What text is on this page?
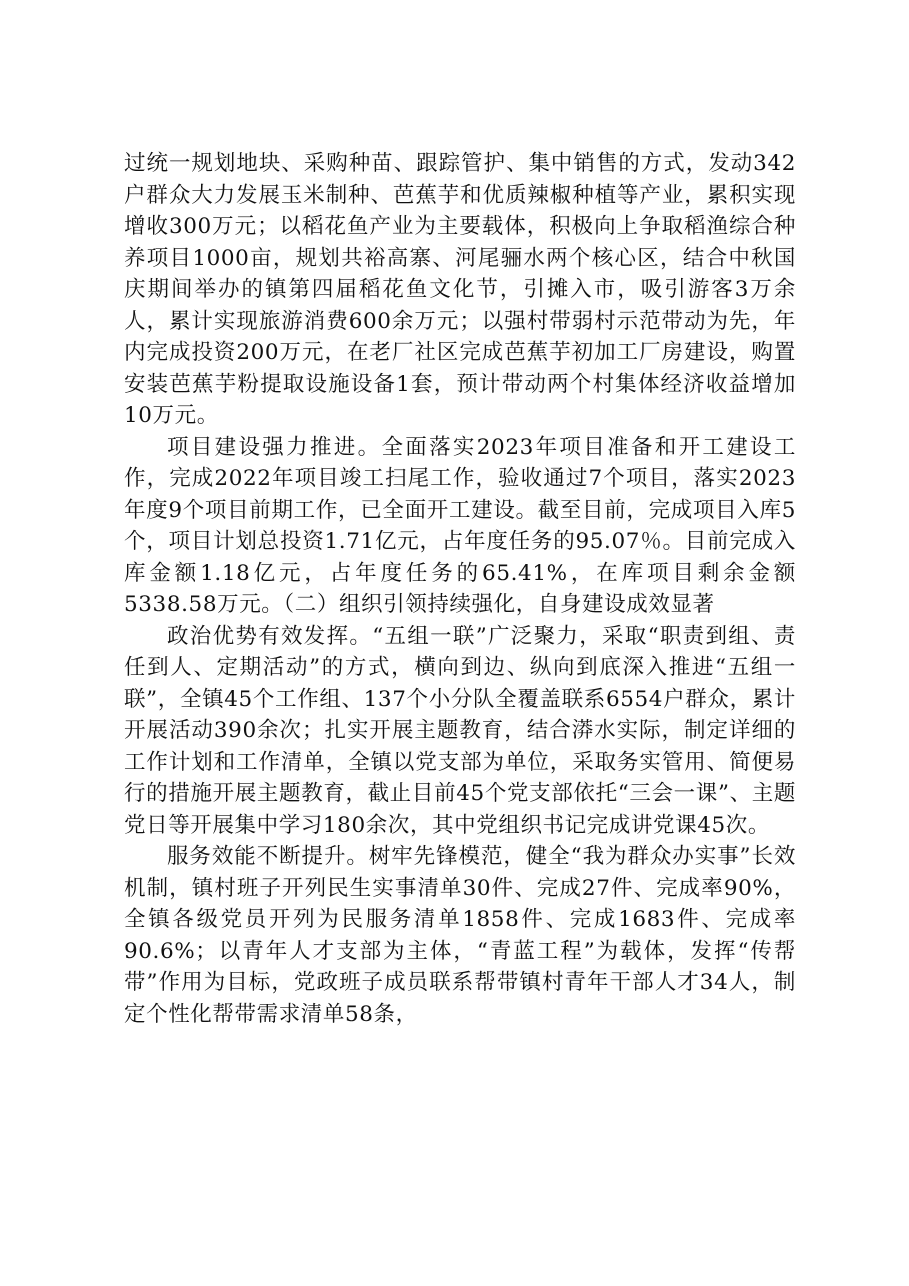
过统一规划地块、采购种苗、跟踪管护、集中销售的方式，发动342户群众大力发展玉米制种、芭蕉芋和优质辣椒种植等产业，累积实现增收300万元；以稻花鱼产业为主要载体，积极向上争取稻渔综合种养项目1000亩，规划共裕高寨、河尾骊水两个核心区，结合中秋国庆期间举办的镇第四届稻花鱼文化节，引摊入市，吸引游客3万余人，累计实现旅游消费600余万元；以强村带弱村示范带动为先，年内完成投资200万元，在老厂社区完成芭蕉芋初加工厂房建设，购置安装芭蕉芋粉提取设施设备1套，预计带动两个村集体经济收益增加10万元。

项目建设强力推进。全面落实2023年项目准备和开工建设工作，完成2022年项目竣工扫尾工作，验收通过7个项目，落实2023年度9个项目前期工作，已全面开工建设。截至目前，完成项目入库5个，项目计划总投资1.71亿元，占年度任务的95.07％。目前完成入库金额1.18亿元，占年度任务的65.41%，在库项目剩余金额5338.58万元。（二）组织引领持续强化，自身建设成效显著

政治优势有效发挥。“五组一联”广泛聚力，采取“职责到组、责任到人、定期活动”的方式，横向到边、纵向到底深入推进“五组一联”，全镇45个工作组、137个小分队全覆盖联系6554户群众，累计开展活动390余次；扎实开展主题教育，结合漭水实际，制定详细的工作计划和工作清单，全镇以党支部为单位，采取务实管用、简便易行的措施开展主题教育，截止目前45个党支部依托“三会一课”、主题党日等开展集中学习180余次，其中党组织书记完成讲党课45次。

服务效能不断提升。树牢先锋模范，健全“我为群众办实事”长效机制，镇村班子开列民生实事清单30件、完成27件、完成率90%，全镇各级党员开列为民服务清单1858件、完成1683件、完成率90.6%；以青年人才支部为主体，“青蓝工程”为载体，发挥“传帮带”作用为目标，党政班子成员联系帮带镇村青年干部人才34人，制定个性化帮带需求清单58条，
